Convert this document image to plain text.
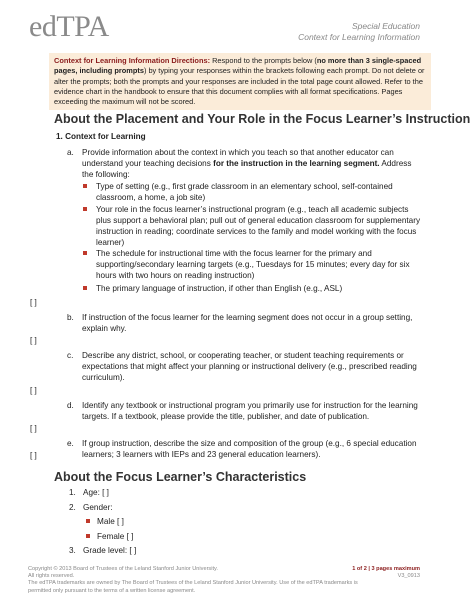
edTPA	Special Education
Context for Learning Information
Context for Learning Information Directions: Respond to the prompts below (no more than 3 single-spaced pages, including prompts) by typing your responses within the brackets following each prompt. Do not delete or alter the prompts; both the prompts and your responses are included in the total page count allowed. Refer to the evidence chart in the handbook to ensure that this document complies with all format specifications. Pages exceeding the maximum will not be scored.
About the Placement and Your Role in the Focus Learner’s Instruction
1. Context for Learning
a. Provide information about the context in which you teach so that another educator can understand your teaching decisions for the instruction in the learning segment. Address the following:
Type of setting (e.g., first grade classroom in an elementary school, self-contained classroom, a home, a job site)
Your role in the focus learner’s instructional program (e.g., teach all academic subjects plus support a behavioral plan; pull out of general education classroom for supplementary instruction in reading; coordinate services to the family and model working with the focus learner)
The schedule for instructional time with the focus learner for the primary and supporting/secondary learning targets (e.g., Tuesdays for 15 minutes; every day for six hours with two hours on reading instruction)
The primary language of instruction, if other than English (e.g., ASL)
[ ]
b. If instruction of the focus learner for the learning segment does not occur in a group setting, explain why.
[ ]
c. Describe any district, school, or cooperating teacher, or student teaching requirements or expectations that might affect your planning or instructional delivery (e.g., prescribed reading curriculum).
[ ]
d. Identify any textbook or instructional program you primarily use for instruction for the learning targets. If a textbook, please provide the title, publisher, and date of publication.
[ ]
e. If group instruction, describe the size and composition of the group (e.g., 6 special education learners; 3 learners with IEPs and 23 general education learners).
[ ]
About the Focus Learner’s Characteristics
1. Age: [ ]
2. Gender:
Male [ ]
Female [ ]
3. Grade level: [ ]
Copyright © 2013 Board of Trustees of the Leland Stanford Junior University.
All rights reserved.
The edTPA trademarks are owned by The Board of Trustees of the Leland Stanford Junior University. Use of the edTPA trademarks is permitted only pursuant to the terms of a written license agreement.
1 of 2 | 3 pages maximum
V3_0913
